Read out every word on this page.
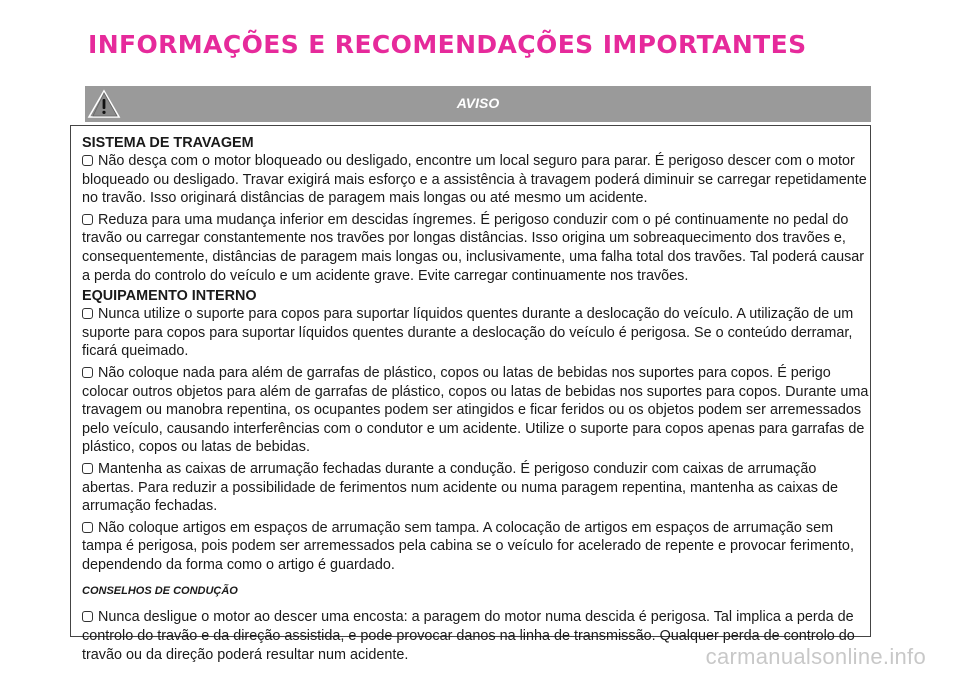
INFORMAÇÕES E RECOMENDAÇÕES IMPORTANTES
AVISO
SISTEMA DE TRAVAGEM

Não desça com o motor bloqueado ou desligado, encontre um local seguro para parar. É perigoso descer com o motor bloqueado ou desligado. Travar exigirá mais esforço e a assistência à travagem poderá diminuir se carregar repetidamente no travão. Isso originará distâncias de paragem mais longas ou até mesmo um acidente.

Reduza para uma mudança inferior em descidas íngremes. É perigoso conduzir com o pé continuamente no pedal do travão ou carregar constantemente nos travões por longas distâncias. Isso origina um sobreaquecimento dos travões e, consequentemente, distâncias de paragem mais longas ou, inclusivamente, uma falha total dos travões. Tal poderá causar a perda do controlo do veículo e um acidente grave. Evite carregar continuamente nos travões.

EQUIPAMENTO INTERNO

Nunca utilize o suporte para copos para suportar líquidos quentes durante a deslocação do veículo. A utilização de um suporte para copos para suportar líquidos quentes durante a deslocação do veículo é perigosa. Se o conteúdo derramar, ficará queimado.

Não coloque nada para além de garrafas de plástico, copos ou latas de bebidas nos suportes para copos. É perigo colocar outros objetos para além de garrafas de plástico, copos ou latas de bebidas nos suportes para copos. Durante uma travagem ou manobra repentina, os ocupantes podem ser atingidos e ficar feridos ou os objetos podem ser arremessados pelo veículo, causando interferências com o condutor e um acidente. Utilize o suporte para copos apenas para garrafas de plástico, copos ou latas de bebidas.

Mantenha as caixas de arrumação fechadas durante a condução. É perigoso conduzir com caixas de arrumação abertas. Para reduzir a possibilidade de ferimentos num acidente ou numa paragem repentina, mantenha as caixas de arrumação fechadas.

Não coloque artigos em espaços de arrumação sem tampa. A colocação de artigos em espaços de arrumação sem tampa é perigosa, pois podem ser arremessados pela cabina se o veículo for acelerado de repente e provocar ferimento, dependendo da forma como o artigo é guardado.

CONSELHOS DE CONDUÇÃO

Nunca desligue o motor ao descer uma encosta: a paragem do motor numa descida é perigosa. Tal implica a perda de controlo do travão e da direção assistida, e pode provocar danos na linha de transmissão. Qualquer perda de controlo do travão ou da direção poderá resultar num acidente.	carmanualsonline.info
